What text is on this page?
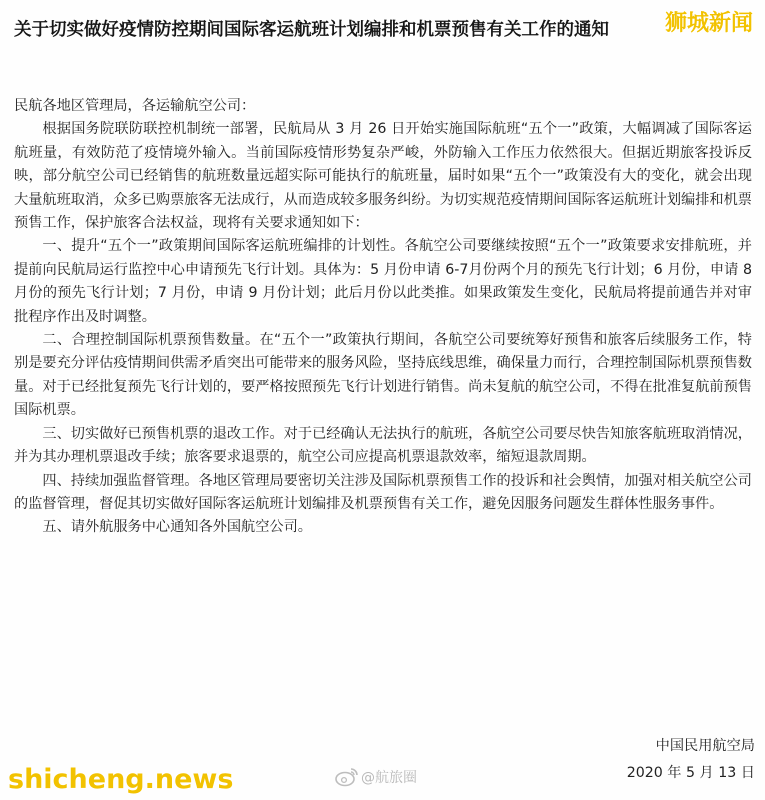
关于切实做好疫情防控期间国际客运航班计划编排和机票预售有关工作的通知	狮城新闻

民航各地区管理局，各运输航空公司：

根据国务院联防联控机制统一部署，民航局从 3 月 26 日开始实施国际航班“五个一”政策，大幅调减了国际客运航班量，有效防范了疫情境外输入。当前国际疫情形势复杂严峻，外防输入工作压力依然很大。但据近期旅客投诉反映，部分航空公司已经销售的航班数量远超实际可能执行的航班量，届时如果“五个一”政策没有大的变化，就会出现大量航班取消，众多已购票旅客无法成行，从而造成较多服务纠纷。为切实规范疫情期间国际客运航班计划编排和机票预售工作，保护旅客合法权益，现将有关要求通知如下：

一、提升“五个一”政策期间国际客运航班编排的计划性。各航空公司要继续按照“五个一”政策要求安排航班，并提前向民航局运行监控中心申请预先飞行计划。具体为：5 月份申请 6-7月份两个月的预先飞行计划；6 月份，申请 8 月份的预先飞行计划；7 月份，申请 9 月份计划；此后月份以此类推。如果政策发生变化，民航局将提前通告并对审批程序作出及时调整。

二、合理控制国际机票预售数量。在“五个一”政策执行期间，各航空公司要统筹好预售和旅客后续服务工作，特别是要充分评估疫情期间供需矛盾突出可能带来的服务风险，坚持底线思维，确保量力而行，合理控制国际机票预售数量。对于已经批复预先飞行计划的，要严格按照预先飞行计划进行销售。尚未复航的航空公司，不得在批准复航前预售国际机票。

三、切实做好已预售机票的退改工作。对于已经确认无法执行的航班，各航空公司要尽快告知旅客航班取消情况，并为其办理机票退改手续；旅客要求退票的，航空公司应提高机票退款效率，缩短退款周期。

四、持续加强监督管理。各地区管理局要密切关注涉及国际机票预售工作的投诉和社会舆情，加强对相关航空公司的监督管理，督促其切实做好国际客运航班计划编排及机票预售有关工作，避免因服务问题发生群体性服务事件。

五、请外航服务中心通知各外国航空公司。

中国民用航空局
2020 年 5 月 13 日
shicheng.news	@航旅圈
